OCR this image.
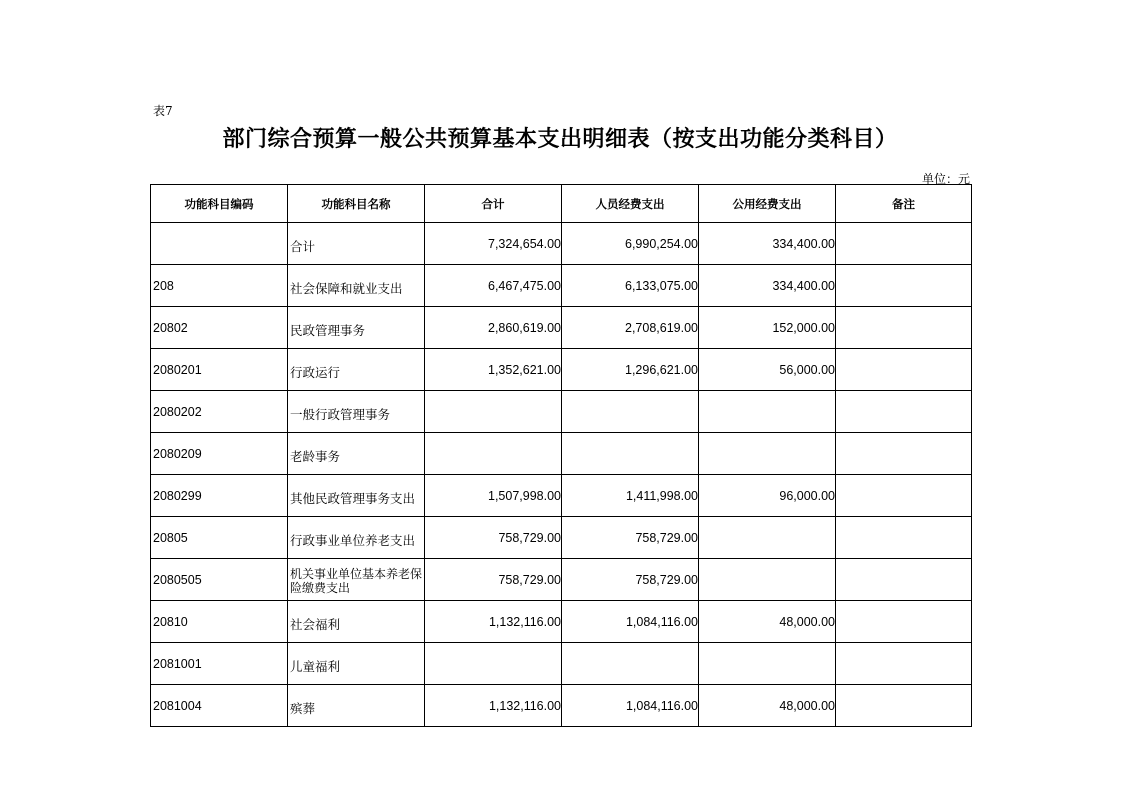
表7
部门综合预算一般公共预算基本支出明细表（按支出功能分类科目）
单位：元
功能科目编码	功能科目名称	合计	人员经费支出	公用经费支出	备注
	合计	7,324,654.00	6,990,254.00	334,400.00	
208	社会保障和就业支出	6,467,475.00	6,133,075.00	334,400.00	
20802	民政管理事务	2,860,619.00	2,708,619.00	152,000.00	
2080201	行政运行	1,352,621.00	1,296,621.00	56,000.00	
2080202	一般行政管理事务				
2080209	老龄事务				
2080299	其他民政管理事务支出	1,507,998.00	1,411,998.00	96,000.00	
20805	行政事业单位养老支出	758,729.00	758,729.00		
2080505	机关事业单位基本养老保险缴费支出	758,729.00	758,729.00		
20810	社会福利	1,132,116.00	1,084,116.00	48,000.00	
2081001	儿童福利				
2081004	殡葬	1,132,116.00	1,084,116.00	48,000.00	
